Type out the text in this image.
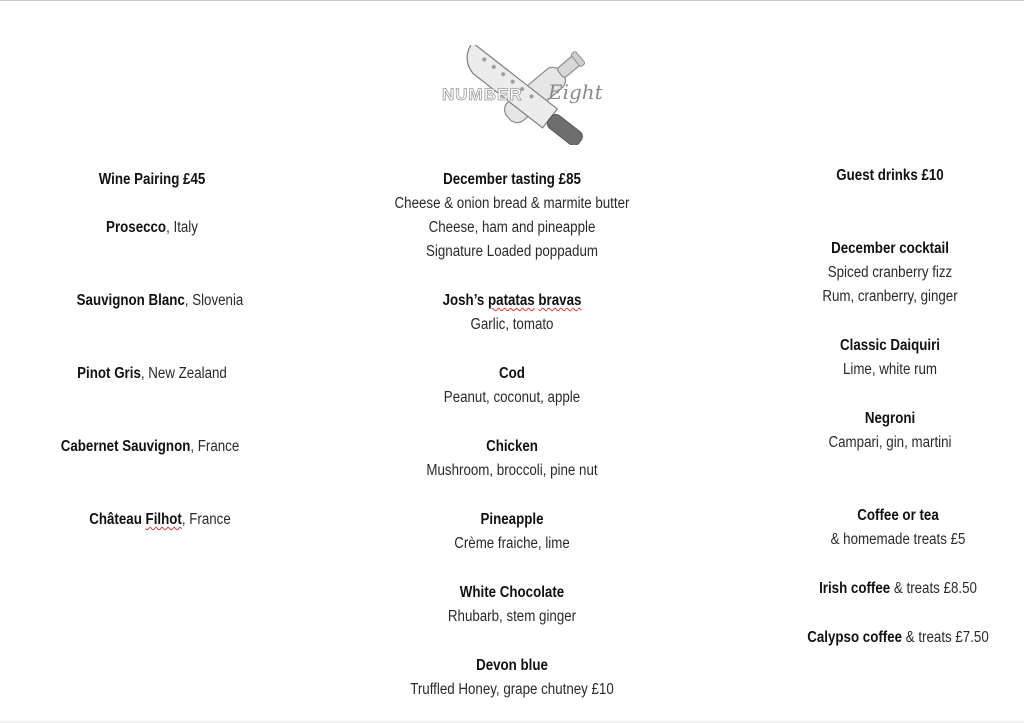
NUMBER Eight
Wine Pairing £45
Prosecco, Italy
Sauvignon Blanc, Slovenia
Pinot Gris, New Zealand
Cabernet Sauvignon, France
Château Filhot, France
December tasting £85
Cheese & onion bread & marmite butter
Cheese, ham and pineapple
Signature Loaded poppadum
Josh’s patatas bravas
Garlic, tomato
Cod
Peanut, coconut, apple
Chicken
Mushroom, broccoli, pine nut
Pineapple
Crème fraiche, lime
White Chocolate
Rhubarb, stem ginger
Devon blue
Truffled Honey, grape chutney £10
Guest drinks £10
December cocktail
Spiced cranberry fizz
Rum, cranberry, ginger
Classic Daiquiri
Lime, white rum
Negroni
Campari, gin, martini
Coffee or tea
& homemade treats £5
Irish coffee & treats £8.50
Calypso coffee & treats £7.50
